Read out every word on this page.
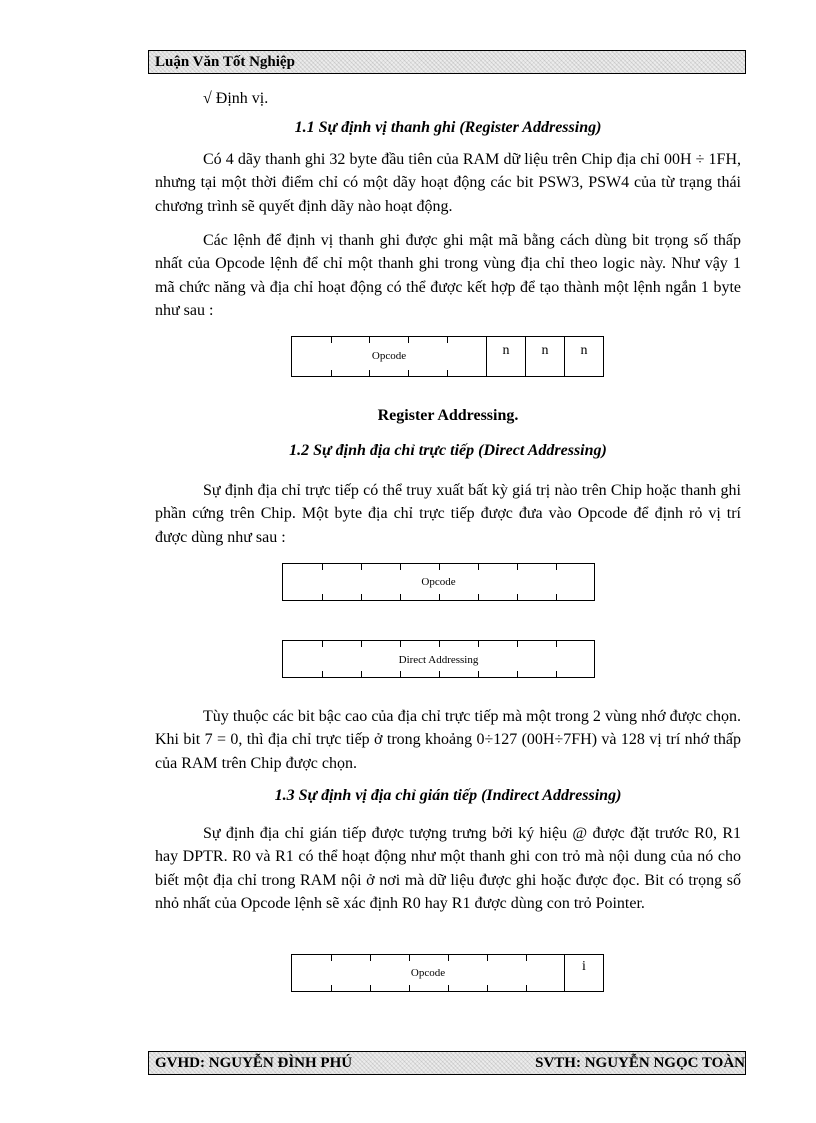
Luận Văn Tốt Nghiệp
√ Định vị.
1.1 Sự định vị thanh ghi (Register Addressing)
Có 4 dãy thanh ghi 32 byte đầu tiên của RAM dữ liệu trên Chip địa chỉ 00H ÷ 1FH, nhưng tại một thời điểm chỉ có một dãy hoạt động các bit PSW3, PSW4 của từ trạng thái chương trình sẽ quyết định dãy nào hoạt động.
Các lệnh để định vị thanh ghi được ghi mật mã bằng cách dùng bit trọng số thấp nhất của Opcode lệnh để chỉ một thanh ghi trong vùng địa chỉ theo logic này. Như vậy 1 mã chức năng và địa chỉ hoạt động có thể được kết hợp để tạo thành một lệnh ngắn 1 byte như sau :
Opcode	n	n	n
Register Addressing.
1.2 Sự định địa chỉ trực tiếp (Direct Addressing)
Sự định địa chỉ trực tiếp có thể truy xuất bất kỳ giá trị nào trên Chip hoặc thanh ghi phần cứng trên Chip. Một byte địa chỉ trực tiếp được đưa vào Opcode để định rỏ vị trí được dùng như sau :
Opcode
Direct Addressing
Tùy thuộc các bit bậc cao của địa chỉ trực tiếp mà một trong 2 vùng nhớ được chọn. Khi bit 7 = 0, thì địa chỉ trực tiếp ở trong khoảng 0÷127 (00H÷7FH) và 128 vị trí nhớ thấp của RAM trên Chip được chọn.
1.3 Sự định vị địa chỉ gián tiếp (Indirect Addressing)
Sự định địa chỉ gián tiếp được tượng trưng bởi ký hiệu @ được đặt trước R0, R1 hay DPTR. R0 và R1 có thể hoạt động như một thanh ghi con trỏ mà nội dung của nó cho biết một địa chỉ trong RAM nội ở nơi mà dữ liệu được ghi hoặc được đọc. Bit có trọng số nhỏ nhất của Opcode lệnh sẽ xác định R0 hay R1 được dùng con trỏ Pointer.
Opcode	i
GVHD: NGUYỄN ĐÌNH PHÚ	SVTH: NGUYỄN NGỌC TOÀN
